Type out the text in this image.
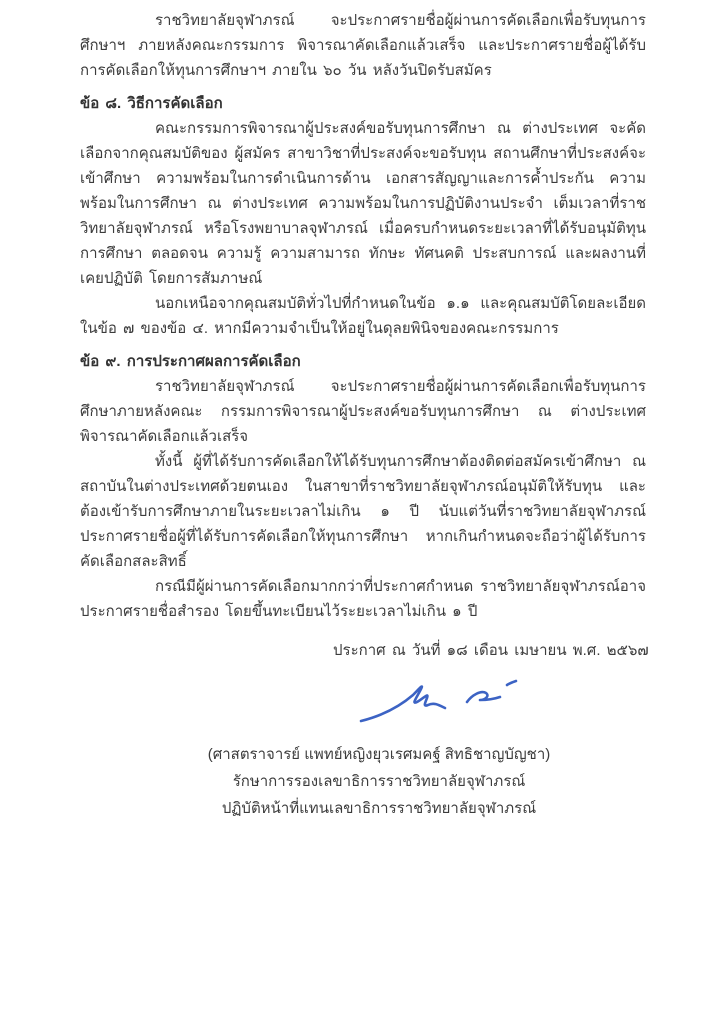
ราชวิทยาลัยจุฬาภรณ์ จะประกาศรายชื่อผู้ผ่านการคัดเลือกเพื่อรับทุนการศึกษาฯ ภายหลังคณะกรรมการ พิจารณาคัดเลือกแล้วเสร็จ และประกาศรายชื่อผู้ได้รับการคัดเลือกให้ทุนการศึกษาฯ ภายใน ๖๐ วัน หลังวันปิดรับสมัคร

ข้อ ๘. วิธีการคัดเลือก

คณะกรรมการพิจารณาผู้ประสงค์ขอรับทุนการศึกษา ณ ต่างประเทศ จะคัดเลือกจากคุณสมบัติของ ผู้สมัคร สาขาวิชาที่ประสงค์จะขอรับทุน สถานศึกษาที่ประสงค์จะเข้าศึกษา ความพร้อมในการดำเนินการด้าน เอกสารสัญญาและการค้ำประกัน ความพร้อมในการศึกษา ณ ต่างประเทศ ความพร้อมในการปฏิบัติงานประจำ เต็มเวลาที่ราชวิทยาลัยจุฬาภรณ์ หรือโรงพยาบาลจุฬาภรณ์ เมื่อครบกำหนดระยะเวลาที่ได้รับอนุมัติทุนการศึกษา ตลอดจน ความรู้ ความสามารถ ทักษะ ทัศนคติ ประสบการณ์ และผลงานที่เคยปฏิบัติ โดยการสัมภาษณ์

นอกเหนือจากคุณสมบัติทั่วไปที่กำหนดในข้อ ๑.๑ และคุณสมบัติโดยละเอียดในข้อ ๗ ของข้อ ๔. หากมีความจำเป็นให้อยู่ในดุลยพินิจของคณะกรรมการ

ข้อ ๙. การประกาศผลการคัดเลือก

ราชวิทยาลัยจุฬาภรณ์ จะประกาศรายชื่อผู้ผ่านการคัดเลือกเพื่อรับทุนการศึกษาภายหลังคณะ กรรมการพิจารณาผู้ประสงค์ขอรับทุนการศึกษา ณ ต่างประเทศ พิจารณาคัดเลือกแล้วเสร็จ

ทั้งนี้ ผู้ที่ได้รับการคัดเลือกให้ได้รับทุนการศึกษาต้องติดต่อสมัครเข้าศึกษา ณ สถาบันในต่างประเทศด้วยตนเอง ในสาขาที่ราชวิทยาลัยจุฬาภรณ์อนุมัติให้รับทุน และต้องเข้ารับการศึกษาภายในระยะเวลาไม่เกิน ๑ ปี นับแต่วันที่ราชวิทยาลัยจุฬาภรณ์ ประกาศรายชื่อผู้ที่ได้รับการคัดเลือกให้ทุนการศึกษา หากเกินกำหนดจะถือว่าผู้ได้รับการคัดเลือกสละสิทธิ์

กรณีมีผู้ผ่านการคัดเลือกมากกว่าที่ประกาศกำหนด ราชวิทยาลัยจุฬาภรณ์อาจประกาศรายชื่อสำรอง โดยขึ้นทะเบียนไว้ระยะเวลาไม่เกิน ๑ ปี

ประกาศ ณ วันที่ ๑๘ เดือน เมษายน พ.ศ. ๒๕๖๗

(ศาสตราจารย์ แพทย์หญิงยุวเรศมคฐ์ สิทธิชาญบัญชา)

รักษาการรองเลขาธิการราชวิทยาลัยจุฬาภรณ์

ปฏิบัติหน้าที่แทนเลขาธิการราชวิทยาลัยจุฬาภรณ์
